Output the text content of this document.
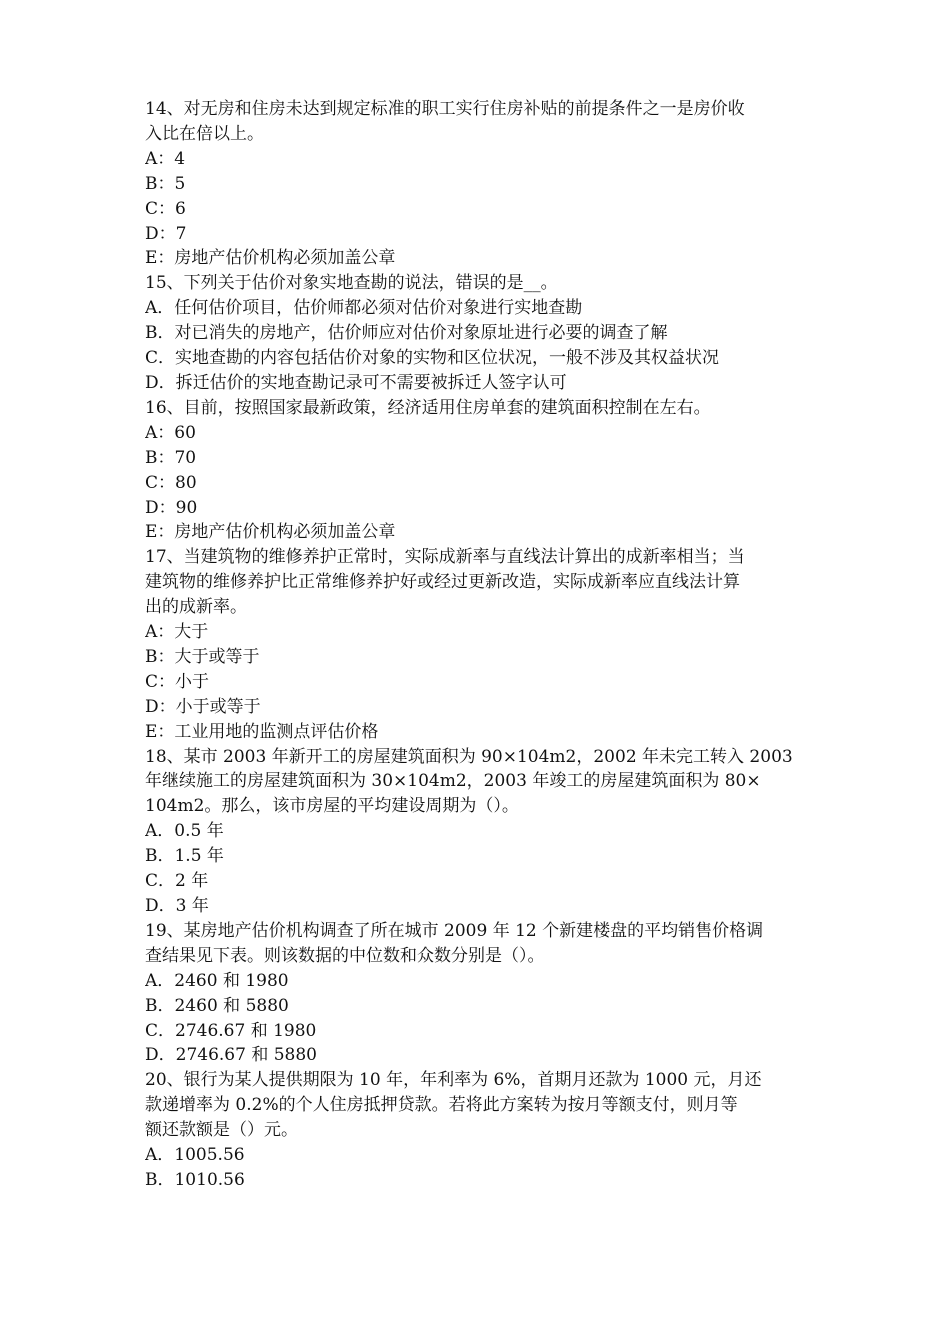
14、对无房和住房未达到规定标准的职工实行住房补贴的前提条件之一是房价收

入比在倍以上。

A：4

B：5

C：6

D：7

E：房地产估价机构必须加盖公章

15、下列关于估价对象实地查勘的说法，错误的是__。

A．任何估价项目，估价师都必须对估价对象进行实地查勘

B．对已消失的房地产，估价师应对估价对象原址进行必要的调查了解

C．实地查勘的内容包括估价对象的实物和区位状况，一般不涉及其权益状况

D．拆迁估价的实地查勘记录可不需要被拆迁人签字认可

16、目前，按照国家最新政策，经济适用住房单套的建筑面积控制在左右。

A：60

B：70

C：80

D：90

E：房地产估价机构必须加盖公章

17、当建筑物的维修养护正常时，实际成新率与直线法计算出的成新率相当；当

建筑物的维修养护比正常维修养护好或经过更新改造，实际成新率应直线法计算

出的成新率。

A：大于

B：大于或等于

C：小于

D：小于或等于

E：工业用地的监测点评估价格

18、某市 2003 年新开工的房屋建筑面积为 90×104m2，2002 年未完工转入 2003

年继续施工的房屋建筑面积为 30×104m2，2003 年竣工的房屋建筑面积为 80×

104m2。那么，该市房屋的平均建设周期为（）。

A．0.5 年

B．1.5 年

C．2 年

D．3 年

19、某房地产估价机构调查了所在城市 2009 年 12 个新建楼盘的平均销售价格调

查结果见下表。则该数据的中位数和众数分别是（）。

A．2460 和 1980

B．2460 和 5880

C．2746.67 和 1980

D．2746.67 和 5880

20、银行为某人提供期限为 10 年，年利率为 6%，首期月还款为 1000 元，月还

款递增率为 0.2%的个人住房抵押贷款。若将此方案转为按月等额支付，则月等

额还款额是（）元。

A．1005.56

B．1010.56
